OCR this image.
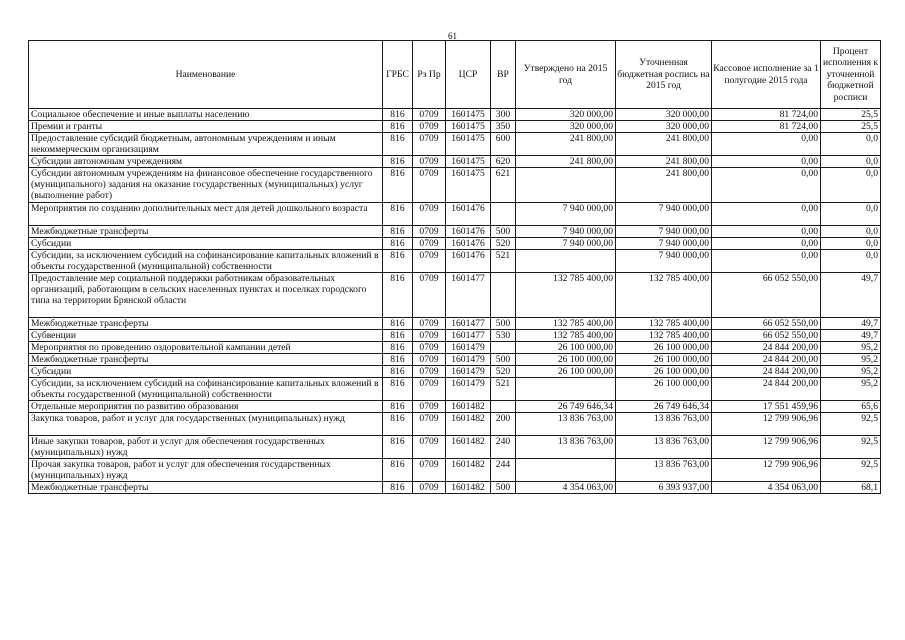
61
Наименование	ГРБС	Рз Пр	ЦСР	ВР	Утверждено на 2015 год	Уточненная бюджетная роспись на 2015 год	Кассовое исполнение за 1 полугодие 2015 года	Процент исполнения к уточненной бюджетной росписи
Социальное обеспечение и иные выплаты населению	816	0709	1601475	300	320 000,00	320 000,00	81 724,00	25,5
Премии и гранты	816	0709	1601475	350	320 000,00	320 000,00	81 724,00	25,5
Предоставление субсидий бюджетным, автономным учреждениям и иным некоммерческим организациям	816	0709	1601475	600	241 800,00	241 800,00	0,00	0,0
Субсидии автономным учреждениям	816	0709	1601475	620	241 800,00	241 800,00	0,00	0,0
Субсидии автономным учреждениям на финансовое обеспечение государственного (муниципального) задания на оказание государственных (муниципальных) услуг (выполнение работ)	816	0709	1601475	621		241 800,00	0,00	0,0
Мероприятия по созданию дополнительных мест для детей дошкольного возраста	816	0709	1601476		7 940 000,00	7 940 000,00	0,00	0,0
Межбюджетные трансферты	816	0709	1601476	500	7 940 000,00	7 940 000,00	0,00	0,0
Субсидии	816	0709	1601476	520	7 940 000,00	7 940 000,00	0,00	0,0
Субсидии, за исключением субсидий на софинансирование капитальных вложений в объекты государственной (муниципальной) собственности	816	0709	1601476	521		7 940 000,00	0,00	0,0
Предоставление мер социальной поддержки работникам образовательных организаций, работающим в сельских населенных пунктах и поселках городского типа на территории Брянской области	816	0709	1601477		132 785 400,00	132 785 400,00	66 052 550,00	49,7
Межбюджетные трансферты	816	0709	1601477	500	132 785 400,00	132 785 400,00	66 052 550,00	49,7
Субвенции	816	0709	1601477	530	132 785 400,00	132 785 400,00	66 052 550,00	49,7
Мероприятия по проведению оздоровительной кампании детей	816	0709	1601479		26 100 000,00	26 100 000,00	24 844 200,00	95,2
Межбюджетные трансферты	816	0709	1601479	500	26 100 000,00	26 100 000,00	24 844 200,00	95,2
Субсидии	816	0709	1601479	520	26 100 000,00	26 100 000,00	24 844 200,00	95,2
Субсидии, за исключением субсидий на софинансирование капитальных вложений в объекты государственной (муниципальной) собственности	816	0709	1601479	521		26 100 000,00	24 844 200,00	95,2
Отдельные мероприятия по развитию образования	816	0709	1601482		26 749 646,34	26 749 646,34	17 551 459,96	65,6
Закупка товаров, работ и услуг для государственных (муниципальных) нужд	816	0709	1601482	200	13 836 763,00	13 836 763,00	12 799 906,96	92,5
Иные закупки товаров, работ и услуг для обеспечения государственных (муниципальных) нужд	816	0709	1601482	240	13 836 763,00	13 836 763,00	12 799 906,96	92,5
Прочая закупка товаров, работ и услуг для обеспечения государственных (муниципальных) нужд	816	0709	1601482	244		13 836 763,00	12 799 906,96	92,5
Межбюджетные трансферты	816	0709	1601482	500	4 354 063,00	6 393 937,00	4 354 063,00	68,1
